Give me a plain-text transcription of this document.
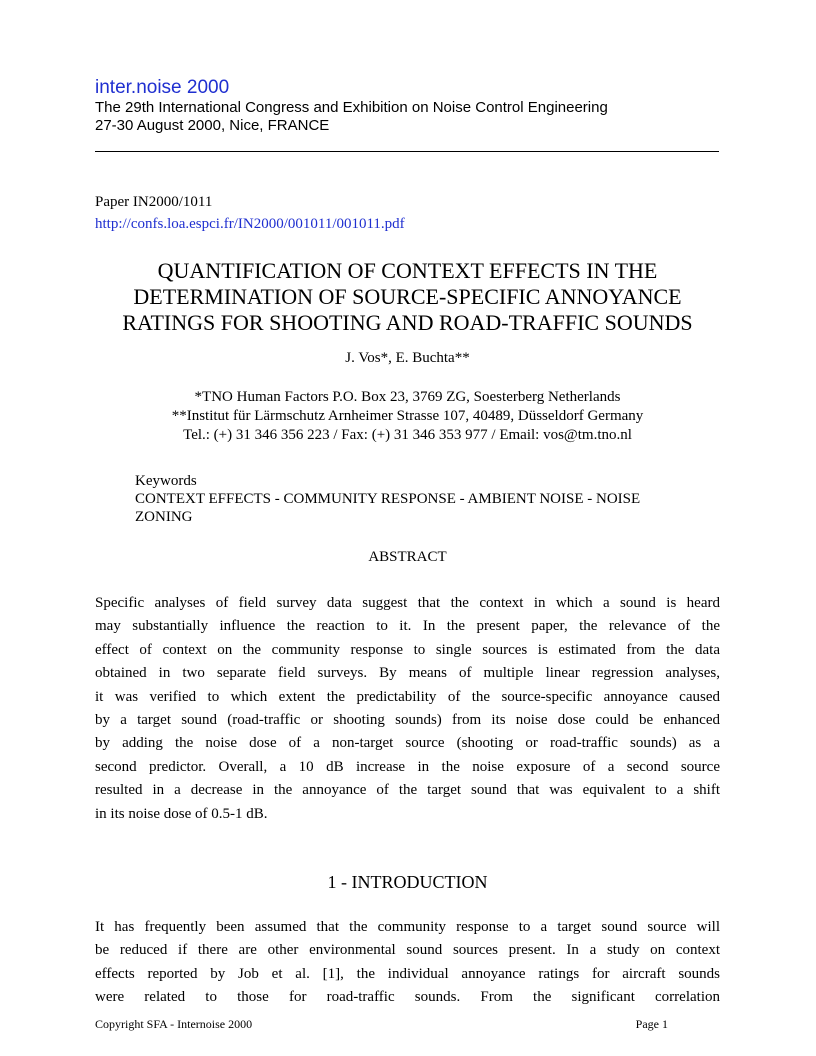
inter.noise 2000
The 29th International Congress and Exhibition on Noise Control Engineering
27-30 August 2000, Nice, FRANCE
Paper IN2000/1011
http://confs.loa.espci.fr/IN2000/001011/001011.pdf
QUANTIFICATION OF CONTEXT EFFECTS IN THE
DETERMINATION OF SOURCE-SPECIFIC ANNOYANCE
RATINGS FOR SHOOTING AND ROAD-TRAFFIC SOUNDS
J. Vos*, E. Buchta**
*TNO Human Factors P.O. Box 23, 3769 ZG, Soesterberg Netherlands
**Institut für Lärmschutz Arnheimer Strasse 107, 40489, Düsseldorf Germany
Tel.: (+) 31 346 356 223 / Fax: (+) 31 346 353 977 / Email: vos@tm.tno.nl
Keywords
CONTEXT EFFECTS - COMMUNITY RESPONSE - AMBIENT NOISE - NOISE
ZONING
ABSTRACT
Specific analyses of field survey data suggest that the context in which a sound is heard
may substantially influence the reaction to it. In the present paper, the relevance of the
effect of context on the community response to single sources is estimated from the data
obtained in two separate field surveys. By means of multiple linear regression analyses,
it was verified to which extent the predictability of the source-specific annoyance caused
by a target sound (road-traffic or shooting sounds) from its noise dose could be enhanced
by adding the noise dose of a non-target source (shooting or road-traffic sounds) as a
second predictor. Overall, a 10 dB increase in the noise exposure of a second source
resulted in a decrease in the annoyance of the target sound that was equivalent to a shift
in its noise dose of 0.5-1 dB.
1 - INTRODUCTION
It has frequently been assumed that the community response to a target sound source will
be reduced if there are other environmental sound sources present. In a study on context
effects reported by Job et al. [1], the individual annoyance ratings for aircraft sounds
were related to those for road-traffic sounds. From the significant correlation
Copyright SFA - Internoise 2000	Page 1
